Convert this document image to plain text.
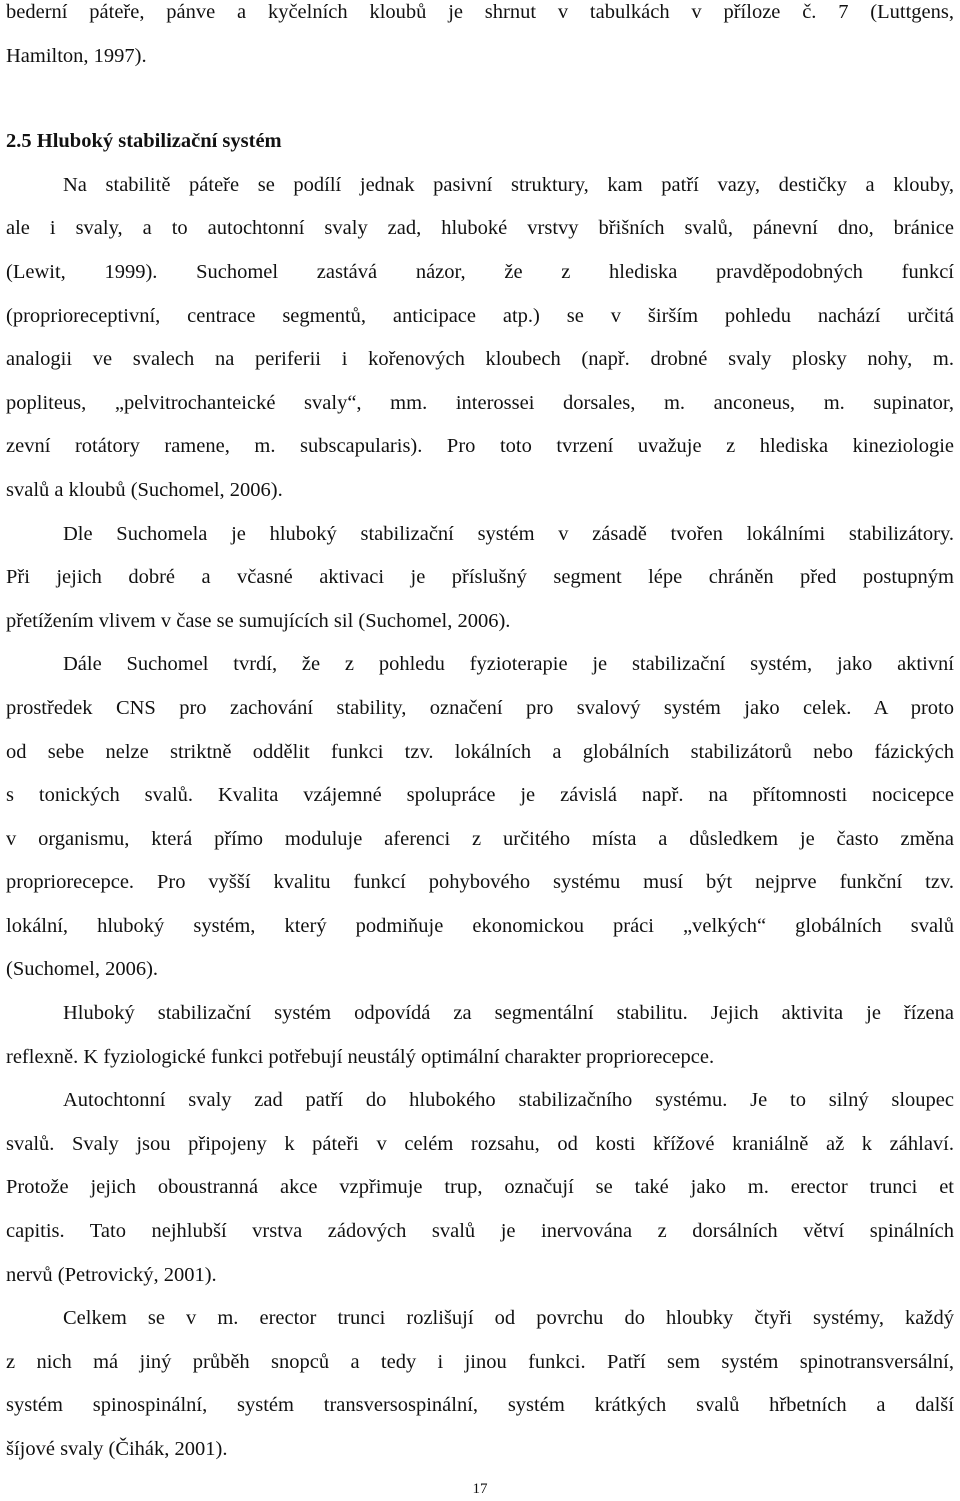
bederní páteře, pánve a kyčelních kloubů je shrnut v tabulkách v příloze č. 7 (Luttgens,
Hamilton, 1997).
2.5 Hluboký stabilizační systém
Na stabilitě páteře se podílí jednak pasivní struktury, kam patří vazy, destičky a klouby,
ale i svaly, a to autochtonní svaly zad, hluboké vrstvy břišních svalů, pánevní dno, bránice
(Lewit, 1999). Suchomel zastává názor, že z hlediska pravděpodobných funkcí
(proprioreceptivní, centrace segmentů, anticipace atp.) se v širším pohledu nachází určitá
analogii ve svalech na periferii i kořenových kloubech (např. drobné svaly plosky nohy, m.
popliteus, „pelvitrochanteické svaly“, mm. interossei dorsales, m. anconeus, m. supinator,
zevní rotátory ramene, m. subscapularis). Pro toto tvrzení uvažuje z hlediska kineziologie
svalů a kloubů (Suchomel, 2006).
Dle Suchomela je hluboký stabilizační systém v zásadě tvořen lokálními stabilizátory.
Při jejich dobré a včasné aktivaci je příslušný segment lépe chráněn před postupným
přetížením vlivem v čase se sumujících sil (Suchomel, 2006).
Dále Suchomel tvrdí, že z pohledu fyzioterapie je stabilizační systém, jako aktivní
prostředek CNS pro zachování stability, označení pro svalový systém jako celek. A proto
od sebe nelze striktně oddělit funkci tzv. lokálních a globálních stabilizátorů nebo fázických
s tonických svalů. Kvalita vzájemné spolupráce je závislá např. na přítomnosti nocicepce
v organismu, která přímo moduluje aferenci z určitého místa a důsledkem je často změna
propriorecepce. Pro vyšší kvalitu funkcí pohybového systému musí být nejprve funkční tzv.
lokální, hluboký systém, který podmiňuje ekonomickou práci „velkých“ globálních svalů
(Suchomel, 2006).
Hluboký stabilizační systém odpovídá za segmentální stabilitu. Jejich aktivita je řízena
reflexně. K fyziologické funkci potřebují neustálý optimální charakter propriorecepce.
Autochtonní svaly zad patří do hlubokého stabilizačního systému. Je to silný sloupec
svalů. Svaly jsou připojeny k páteři v celém rozsahu, od kosti křížové kraniálně až k záhlaví.
Protože jejich oboustranná akce vzpřimuje trup, označují se také jako m. erector trunci et
capitis. Tato nejhlubší vrstva zádových svalů je inervována z dorsálních větví spinálních
nervů (Petrovický, 2001).
Celkem se v m. erector trunci rozlišují od povrchu do hloubky čtyři systémy, každý
z nich má jiný průběh snopců a tedy i jinou funkci. Patří sem systém spinotransversální,
systém spinospinální, systém transversospinální, systém krátkých svalů hřbetních a další
šíjové svaly (Čihák, 2001).
17
